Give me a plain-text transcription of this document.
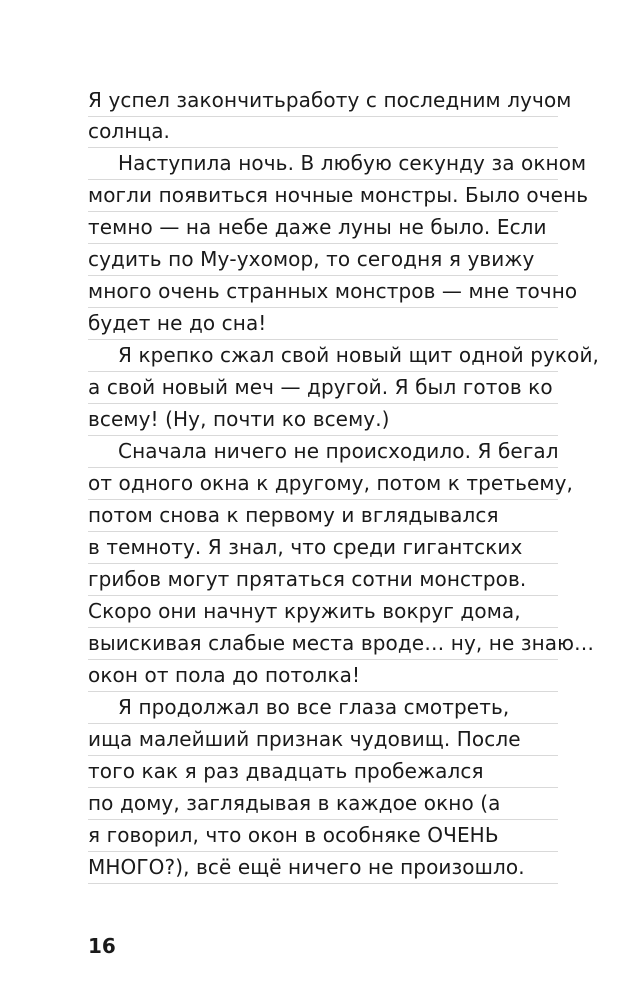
Я успел закончитьработу с последним лучом
солнца.
Наступила ночь. В любую секунду за окном
могли появиться ночные монстры. Было очень
темно — на небе даже луны не было. Если
судить по Му-ухомор, то сегодня я увижу
много очень странных монстров — мне точно
будет не до сна!
Я крепко сжал свой новый щит одной рукой,
а свой новый меч — другой. Я был готов ко
всему! (Ну, почти ко всему.)
Сначала ничего не происходило. Я бегал
от одного окна к другому, потом к третьему,
потом снова к первому и вглядывался
в темноту. Я знал, что среди гигантских
грибов могут прятаться сотни монстров.
Скоро они начнут кружить вокруг дома,
выискивая слабые места вроде… ну, не знаю…
окон от пола до потолка!
Я продолжал во все глаза смотреть,
ища малейший признак чудовищ. После
того как я раз двадцать пробежался
по дому, заглядывая в каждое окно (а
я говорил, что окон в особняке ОЧЕНЬ
МНОГО?), всё ещё ничего не произошло.
16
